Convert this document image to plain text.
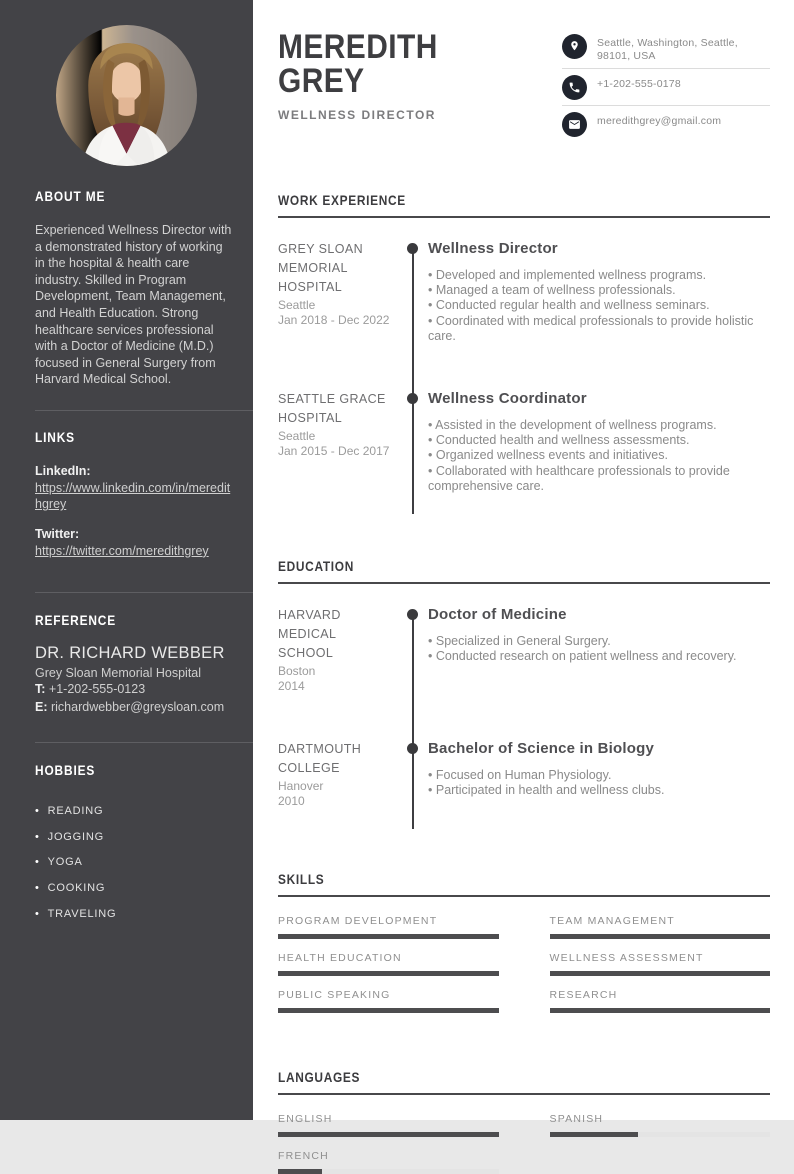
ABOUT ME

Experienced Wellness Director with a demonstrated history of working in the hospital & health care industry. Skilled in Program Development, Team Management, and Health Education. Strong healthcare services professional with a Doctor of Medicine (M.D.) focused in General Surgery from Harvard Medical School.

LINKS
LinkedIn:
https://www.linkedin.com/in/meredithgrey
Twitter:
https://twitter.com/meredithgrey
REFERENCE
DR. RICHARD WEBBER
Grey Sloan Memorial Hospital
T: +1-202-555-0123
E: richardwebber@greysloan.com
HOBBIES
• READING
• JOGGING
• YOGA
• COOKING
• TRAVELING
MEREDITH GREY
WELLNESS DIRECTOR
Seattle, Washington, Seattle, 98101, USA
+1-202-555-0178
meredithgrey@gmail.com
WORK EXPERIENCE
GREY SLOAN MEMORIAL HOSPITAL
Seattle
Jan 2018 - Dec 2022
Wellness Director
• Developed and implemented wellness programs.
• Managed a team of wellness professionals.
• Conducted regular health and wellness seminars.
• Coordinated with medical professionals to provide holistic care.
SEATTLE GRACE HOSPITAL
Seattle
Jan 2015 - Dec 2017
Wellness Coordinator
• Assisted in the development of wellness programs.
• Conducted health and wellness assessments.
• Organized wellness events and initiatives.
• Collaborated with healthcare professionals to provide comprehensive care.
EDUCATION
HARVARD MEDICAL SCHOOL
Boston
2014
Doctor of Medicine
• Specialized in General Surgery.
• Conducted research on patient wellness and recovery.
DARTMOUTH COLLEGE
Hanover
2010
Bachelor of Science in Biology
• Focused on Human Physiology.
• Participated in health and wellness clubs.
SKILLS
PROGRAM DEVELOPMENT	TEAM MANAGEMENT
HEALTH EDUCATION	WELLNESS ASSESSMENT
PUBLIC SPEAKING	RESEARCH
LANGUAGES
ENGLISH	SPANISH
FRENCH
